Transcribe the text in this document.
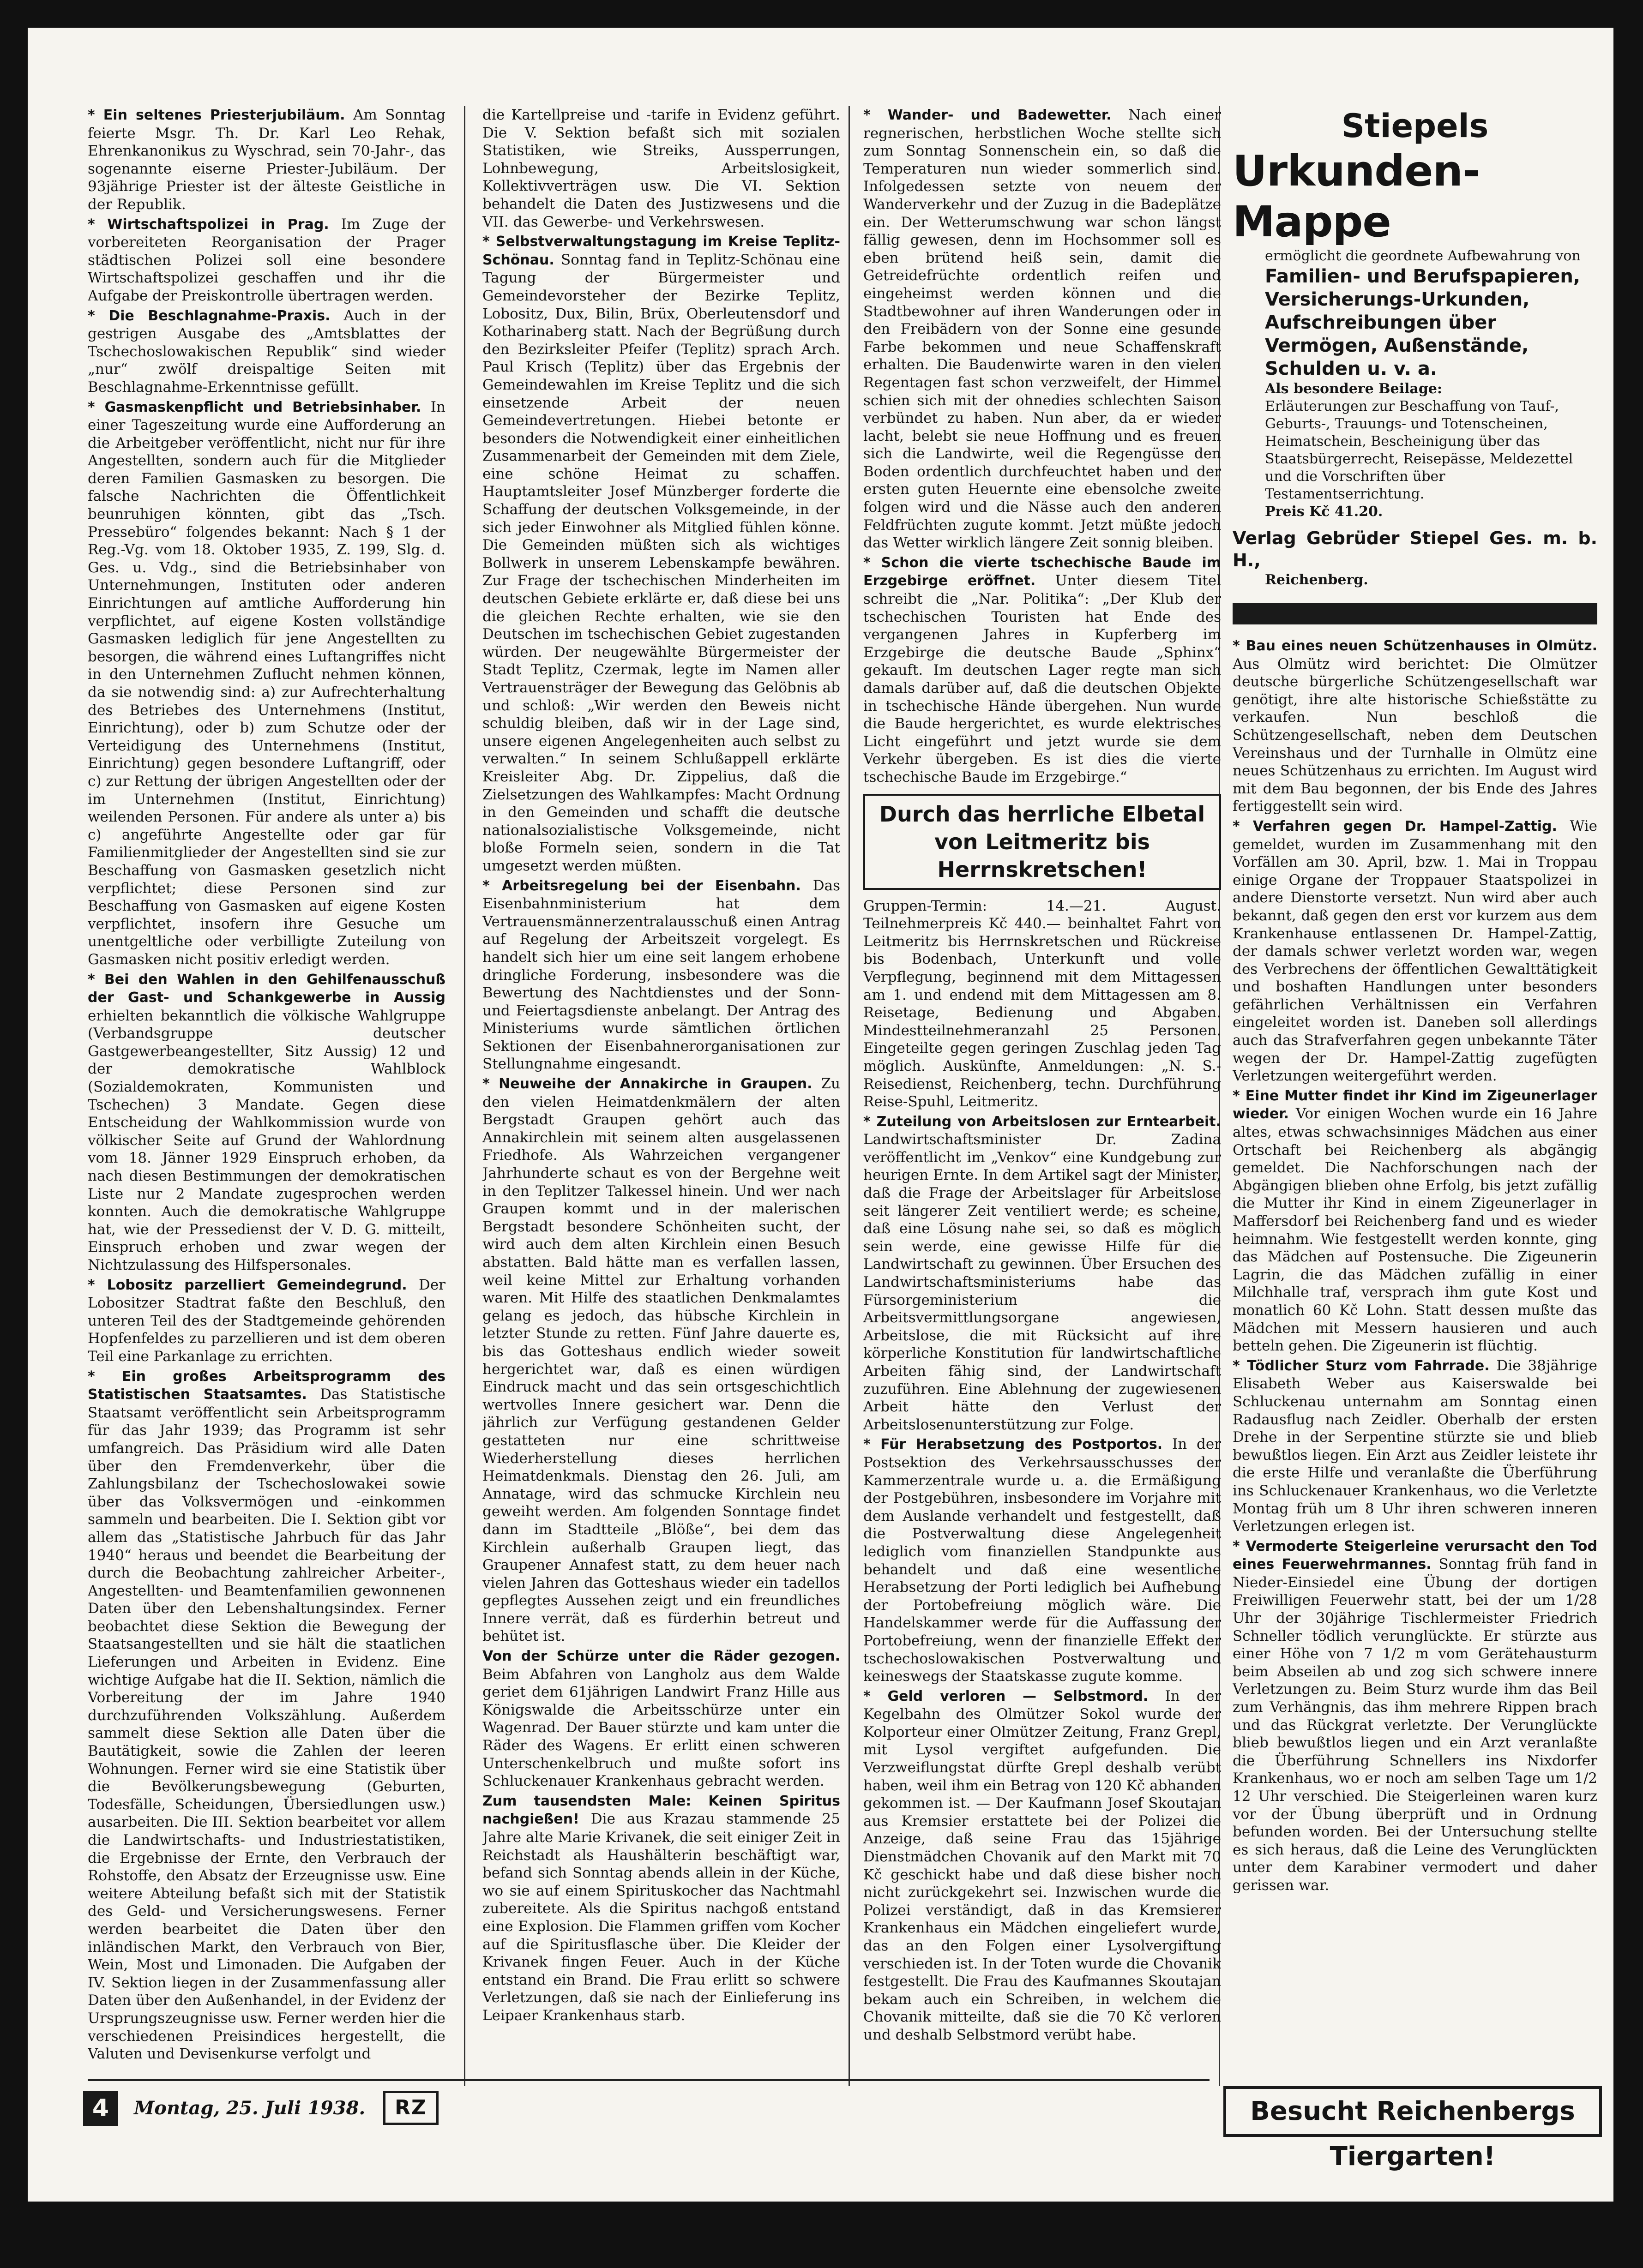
* Ein seltenes Priesterjubiläum. Am Sonntag feierte Msgr. Th. Dr. Karl Leo Rehak, Ehrenkanonikus zu Wyschrad, sein 70-Jahr-, das sogenannte eiserne Priester-Jubiläum. Der 93jährige Priester ist der älteste Geistliche in der Republik.

* Wirtschaftspolizei in Prag. Im Zuge der vorbereiteten Reorganisation der Prager städtischen Polizei soll eine besondere Wirtschaftspolizei geschaffen und ihr die Aufgabe der Preiskontrolle übertragen werden.

* Die Beschlagnahme-Praxis. Auch in der gestrigen Ausgabe des „Amtsblattes der Tschechoslowakischen Republik“ sind wieder „nur“ zwölf dreispaltige Seiten mit Beschlagnahme-Erkenntnisse gefüllt.

* Gasmaskenpflicht und Betriebsinhaber. In einer Tageszeitung wurde eine Aufforderung an die Arbeitgeber veröffentlicht, nicht nur für ihre Angestellten, sondern auch für die Mitglieder deren Familien Gasmasken zu besorgen. Die falsche Nachrichten die Öffentlichkeit beunruhigen könnten, gibt das „Tsch. Pressebüro“ folgendes bekannt: Nach § 1 der Reg.-Vg. vom 18. Oktober 1935, Z. 199, Slg. d. Ges. u. Vdg., sind die Betriebsinhaber von Unternehmungen, Instituten oder anderen Einrichtungen auf amtliche Aufforderung hin verpflichtet, auf eigene Kosten vollständige Gasmasken lediglich für jene Angestellten zu besorgen, die während eines Luftangriffes nicht in den Unternehmen Zuflucht nehmen können, da sie notwendig sind: a) zur Aufrechterhaltung des Betriebes des Unternehmens (Institut, Einrichtung), oder b) zum Schutze oder der Verteidigung des Unternehmens (Institut, Einrichtung) gegen besondere Luftangriff, oder c) zur Rettung der übrigen Angestellten oder der im Unternehmen (Institut, Einrichtung) weilenden Personen. Für andere als unter a) bis c) angeführte Angestellte oder gar für Familienmitglieder der Angestellten sind sie zur Beschaffung von Gasmasken gesetzlich nicht verpflichtet; diese Personen sind zur Beschaffung von Gasmasken auf eigene Kosten verpflichtet, insofern ihre Gesuche um unentgeltliche oder verbilligte Zuteilung von Gasmasken nicht positiv erledigt werden.

* Bei den Wahlen in den Gehilfenausschuß der Gast- und Schankgewerbe in Aussig erhielten bekanntlich die völkische Wahlgruppe (Verbandsgruppe deutscher Gastgewerbeangestellter, Sitz Aussig) 12 und der demokratische Wahlblock (Sozialdemokraten, Kommunisten und Tschechen) 3 Mandate. Gegen diese Entscheidung der Wahlkommission wurde von völkischer Seite auf Grund der Wahlordnung vom 18. Jänner 1929 Einspruch erhoben, da nach diesen Bestimmungen der demokratischen Liste nur 2 Mandate zugesprochen werden konnten. Auch die demokratische Wahlgruppe hat, wie der Pressedienst der V. D. G. mitteilt, Einspruch erhoben und zwar wegen der Nichtzulassung des Hilfspersonales.

* Lobositz parzelliert Gemeindegrund. Der Lobositzer Stadtrat faßte den Beschluß, den unteren Teil des der Stadtgemeinde gehörenden Hopfenfeldes zu parzellieren und ist dem oberen Teil eine Parkanlage zu errichten.

* Ein großes Arbeitsprogramm des Statistischen Staatsamtes. Das Statistische Staatsamt veröffentlicht sein Arbeitsprogramm für das Jahr 1939; das Programm ist sehr umfangreich. Das Präsidium wird alle Daten über den Fremdenverkehr, über die Zahlungsbilanz der Tschechoslowakei sowie über das Volksvermögen und -einkommen sammeln und bearbeiten. Die I. Sektion gibt vor allem das „Statistische Jahrbuch für das Jahr 1940“ heraus und beendet die Bearbeitung der durch die Beobachtung zahlreicher Arbeiter-, Angestellten- und Beamtenfamilien gewonnenen Daten über den Lebenshaltungsindex. Ferner beobachtet diese Sektion die Bewegung der Staatsangestellten und sie hält die staatlichen Lieferungen und Arbeiten in Evidenz. Eine wichtige Aufgabe hat die II. Sektion, nämlich die Vorbereitung der im Jahre 1940 durchzuführenden Volkszählung. Außerdem sammelt diese Sektion alle Daten über die Bautätigkeit, sowie die Zahlen der leeren Wohnungen. Ferner wird sie eine Statistik über die Bevölkerungsbewegung (Geburten, Todesfälle, Scheidungen, Übersiedlungen usw.) ausarbeiten. Die III. Sektion bearbeitet vor allem die Landwirtschafts- und Industriestatistiken, die Ergebnisse der Ernte, den Verbrauch der Rohstoffe, den Absatz der Erzeugnisse usw. Eine weitere Abteilung befaßt sich mit der Statistik des Geld- und Versicherungswesens. Ferner werden bearbeitet die Daten über den inländischen Markt, den Verbrauch von Bier, Wein, Most und Limonaden. Die Aufgaben der IV. Sektion liegen in der Zusammenfassung aller Daten über den Außenhandel, in der Evidenz der Ursprungszeugnisse usw. Ferner werden hier die verschiedenen Preisindices hergestellt, die Valuten und Devisenkurse verfolgt und

die Kartellpreise und -tarife in Evidenz geführt. Die V. Sektion befaßt sich mit sozialen Statistiken, wie Streiks, Aussperrungen, Lohnbewegung, Arbeitslosigkeit, Kollektivverträgen usw. Die VI. Sektion behandelt die Daten des Justizwesens und die VII. das Gewerbe- und Verkehrswesen.

* Selbstverwaltungstagung im Kreise Teplitz-Schönau. Sonntag fand in Teplitz-Schönau eine Tagung der Bürgermeister und Gemeindevorsteher der Bezirke Teplitz, Lobositz, Dux, Bilin, Brüx, Oberleutensdorf und Kotharinaberg statt. Nach der Begrüßung durch den Bezirksleiter Pfeifer (Teplitz) sprach Arch. Paul Krisch (Teplitz) über das Ergebnis der Gemeindewahlen im Kreise Teplitz und die sich einsetzende Arbeit der neuen Gemeindevertretungen. Hiebei betonte er besonders die Notwendigkeit einer einheitlichen Zusammenarbeit der Gemeinden mit dem Ziele, eine schöne Heimat zu schaffen. Hauptamtsleiter Josef Münzberger forderte die Schaffung der deutschen Volksgemeinde, in der sich jeder Einwohner als Mitglied fühlen könne. Die Gemeinden müßten sich als wichtiges Bollwerk in unserem Lebenskampfe bewähren. Zur Frage der tschechischen Minderheiten im deutschen Gebiete erklärte er, daß diese bei uns die gleichen Rechte erhalten, wie sie den Deutschen im tschechischen Gebiet zugestanden würden. Der neugewählte Bürgermeister der Stadt Teplitz, Czermak, legte im Namen aller Vertrauensträger der Bewegung das Gelöbnis ab und schloß: „Wir werden den Beweis nicht schuldig bleiben, daß wir in der Lage sind, unsere eigenen Angelegenheiten auch selbst zu verwalten.“ In seinem Schlußappell erklärte Kreisleiter Abg. Dr. Zippelius, daß die Zielsetzungen des Wahlkampfes: Macht Ordnung in den Gemeinden und schafft die deutsche nationalsozialistische Volksgemeinde, nicht bloße Formeln seien, sondern in die Tat umgesetzt werden müßten.

* Arbeitsregelung bei der Eisenbahn. Das Eisenbahnministerium hat dem Vertrauensmännerzentralausschuß einen Antrag auf Regelung der Arbeitszeit vorgelegt. Es handelt sich hier um eine seit langem erhobene dringliche Forderung, insbesondere was die Bewertung des Nachtdienstes und der Sonn- und Feiertagsdienste anbelangt. Der Antrag des Ministeriums wurde sämtlichen örtlichen Sektionen der Eisenbahnerorganisationen zur Stellungnahme eingesandt.

* Neuweihe der Annakirche in Graupen. Zu den vielen Heimatdenkmälern der alten Bergstadt Graupen gehört auch das Annakirchlein mit seinem alten ausgelassenen Friedhofe. Als Wahrzeichen vergangener Jahrhunderte schaut es von der Bergehne weit in den Teplitzer Talkessel hinein. Und wer nach Graupen kommt und in der malerischen Bergstadt besondere Schönheiten sucht, der wird auch dem alten Kirchlein einen Besuch abstatten. Bald hätte man es verfallen lassen, weil keine Mittel zur Erhaltung vorhanden waren. Mit Hilfe des staatlichen Denkmalamtes gelang es jedoch, das hübsche Kirchlein in letzter Stunde zu retten. Fünf Jahre dauerte es, bis das Gotteshaus endlich wieder soweit hergerichtet war, daß es einen würdigen Eindruck macht und das sein ortsgeschichtlich wertvolles Innere gesichert war. Denn die jährlich zur Verfügung gestandenen Gelder gestatteten nur eine schrittweise Wiederherstellung dieses herrlichen Heimatdenkmals. Dienstag den 26. Juli, am Annatage, wird das schmucke Kirchlein neu geweiht werden. Am folgenden Sonntage findet dann im Stadtteile „Blöße“, bei dem das Kirchlein außerhalb Graupen liegt, das Graupener Annafest statt, zu dem heuer nach vielen Jahren das Gotteshaus wieder ein tadellos gepflegtes Aussehen zeigt und ein freundliches Innere verrät, daß es fürderhin betreut und behütet ist.

Von der Schürze unter die Räder gezogen. Beim Abfahren von Langholz aus dem Walde geriet dem 61jährigen Landwirt Franz Hille aus Königswalde die Arbeitsschürze unter ein Wagenrad. Der Bauer stürzte und kam unter die Räder des Wagens. Er erlitt einen schweren Unterschenkelbruch und mußte sofort ins Schluckenauer Krankenhaus gebracht werden.

Zum tausendsten Male: Keinen Spiritus nachgießen! Die aus Krazau stammende 25 Jahre alte Marie Krivanek, die seit einiger Zeit in Reichstadt als Haushälterin beschäftigt war, befand sich Sonntag abends allein in der Küche, wo sie auf einem Spirituskocher das Nachtmahl zubereitete. Als die Spiritus nachgoß entstand eine Explosion. Die Flammen griffen vom Kocher auf die Spiritusflasche über. Die Kleider der Krivanek fingen Feuer. Auch in der Küche entstand ein Brand. Die Frau erlitt so schwere Verletzungen, daß sie nach der Einlieferung ins Leipaer Krankenhaus starb.

* Wander- und Badewetter. Nach einer regnerischen, herbstlichen Woche stellte sich zum Sonntag Sonnenschein ein, so daß die Temperaturen nun wieder sommerlich sind. Infolgedessen setzte von neuem der Wanderverkehr und der Zuzug in die Badeplätze ein. Der Wetterumschwung war schon längst fällig gewesen, denn im Hochsommer soll es eben brütend heiß sein, damit die Getreidefrüchte ordentlich reifen und eingeheimst werden können und die Stadtbewohner auf ihren Wanderungen oder in den Freibädern von der Sonne eine gesunde Farbe bekommen und neue Schaffenskraft erhalten. Die Baudenwirte waren in den vielen Regentagen fast schon verzweifelt, der Himmel schien sich mit der ohnedies schlechten Saison verbündet zu haben. Nun aber, da er wieder lacht, belebt sie neue Hoffnung und es freuen sich die Landwirte, weil die Regengüsse den Boden ordentlich durchfeuchtet haben und der ersten guten Heuernte eine ebensolche zweite folgen wird und die Nässe auch den anderen Feldfrüchten zugute kommt. Jetzt müßte jedoch das Wetter wirklich längere Zeit sonnig bleiben.

* Schon die vierte tschechische Baude im Erzgebirge eröffnet. Unter diesem Titel schreibt die „Nar. Politika“: „Der Klub der tschechischen Touristen hat Ende des vergangenen Jahres in Kupferberg im Erzgebirge die deutsche Baude „Sphinx“ gekauft. Im deutschen Lager regte man sich damals darüber auf, daß die deutschen Objekte in tschechische Hände übergehen. Nun wurde die Baude hergerichtet, es wurde elektrisches Licht eingeführt und jetzt wurde sie dem Verkehr übergeben. Es ist dies die vierte tschechische Baude im Erzgebirge.“

Durch das herrliche Elbetal
von Leitmeritz bis Herrnskretschen!

Gruppen-Termin: 14.—21. August. Teilnehmerpreis Kč 440.— beinhaltet Fahrt von Leitmeritz bis Herrnskretschen und Rückreise bis Bodenbach, Unterkunft und volle Verpflegung, beginnend mit dem Mittagessen am 1. und endend mit dem Mittagessen am 8. Reisetage, Bedienung und Abgaben. Mindestteilnehmeranzahl 25 Personen. Eingeteilte gegen geringen Zuschlag jeden Tag möglich. Auskünfte, Anmeldungen: „N. S.-Reisedienst, Reichenberg, techn. Durchführung Reise-Spuhl, Leitmeritz.

* Zuteilung von Arbeitslosen zur Erntearbeit. Landwirtschaftsminister Dr. Zadina veröffentlicht im „Venkov“ eine Kundgebung zur heurigen Ernte. In dem Artikel sagt der Minister, daß die Frage der Arbeitslager für Arbeitslose seit längerer Zeit ventiliert werde; es scheine, daß eine Lösung nahe sei, so daß es möglich sein werde, eine gewisse Hilfe für die Landwirtschaft zu gewinnen. Über Ersuchen des Landwirtschaftsministeriums habe das Fürsorgeministerium die Arbeitsvermittlungsorgane angewiesen, Arbeitslose, die mit Rücksicht auf ihre körperliche Konstitution für landwirtschaftliche Arbeiten fähig sind, der Landwirtschaft zuzuführen. Eine Ablehnung der zugewiesenen Arbeit hätte den Verlust der Arbeitslosenunterstützung zur Folge.

* Für Herabsetzung des Postportos. In der Postsektion des Verkehrsausschusses der Kammerzentrale wurde u. a. die Ermäßigung der Postgebühren, insbesondere im Vorjahre mit dem Auslande verhandelt und festgestellt, daß die Postverwaltung diese Angelegenheit lediglich vom finanziellen Standpunkte aus behandelt und daß eine wesentliche Herabsetzung der Porti lediglich bei Aufhebung der Portobefreiung möglich wäre. Die Handelskammer werde für die Auffassung der Portobefreiung, wenn der finanzielle Effekt der tschechoslowakischen Postverwaltung und keineswegs der Staatskasse zugute komme.

* Geld verloren — Selbstmord. In der Kegelbahn des Olmützer Sokol wurde der Kolporteur einer Olmützer Zeitung, Franz Grepl, mit Lysol vergiftet aufgefunden. Die Verzweiflungstat dürfte Grepl deshalb verübt haben, weil ihm ein Betrag von 120 Kč abhanden gekommen ist. — Der Kaufmann Josef Skoutajan aus Kremsier erstattete bei der Polizei die Anzeige, daß seine Frau das 15jährige Dienstmädchen Chovanik auf den Markt mit 70 Kč geschickt habe und daß diese bisher noch nicht zurückgekehrt sei. Inzwischen wurde die Polizei verständigt, daß in das Kremsierer Krankenhaus ein Mädchen eingeliefert wurde, das an den Folgen einer Lysolvergiftung verschieden ist. In der Toten wurde die Chovanik festgestellt. Die Frau des Kaufmannes Skoutajan bekam auch ein Schreiben, in welchem die Chovanik mitteilte, daß sie die 70 Kč verloren und deshalb Selbstmord verübt habe.

Stiepels
Urkunden-Mappe
ermöglicht die geordnete Aufbewahrung von
Familien- und Berufspapieren, Versicherungs-Urkunden, Aufschreibungen über Vermögen, Außenstände, Schulden u. v. a.
Als besondere Beilage:
Erläuterungen zur Beschaffung von Tauf-, Geburts-, Trauungs- und Totenscheinen, Heimatschein, Bescheinigung über das Staatsbürgerrecht, Reisepässe, Meldezettel und die Vorschriften über Testamentserrichtung.
Preis Kč 41.20.
Verlag Gebrüder Stiepel Ges. m. b. H.,
Reichenberg.

* Bau eines neuen Schützenhauses in Olmütz. Aus Olmütz wird berichtet: Die Olmützer deutsche bürgerliche Schützengesellschaft war genötigt, ihre alte historische Schießstätte zu verkaufen. Nun beschloß die Schützengesellschaft, neben dem Deutschen Vereinshaus und der Turnhalle in Olmütz eine neues Schützenhaus zu errichten. Im August wird mit dem Bau begonnen, der bis Ende des Jahres fertiggestellt sein wird.

* Verfahren gegen Dr. Hampel-Zattig. Wie gemeldet, wurden im Zusammenhang mit den Vorfällen am 30. April, bzw. 1. Mai in Troppau einige Organe der Troppauer Staatspolizei in andere Dienstorte versetzt. Nun wird aber auch bekannt, daß gegen den erst vor kurzem aus dem Krankenhause entlassenen Dr. Hampel-Zattig, der damals schwer verletzt worden war, wegen des Verbrechens der öffentlichen Gewalttätigkeit und boshaften Handlungen unter besonders gefährlichen Verhältnissen ein Verfahren eingeleitet worden ist. Daneben soll allerdings auch das Strafverfahren gegen unbekannte Täter wegen der Dr. Hampel-Zattig zugefügten Verletzungen weitergeführt werden.

* Eine Mutter findet ihr Kind im Zigeunerlager wieder. Vor einigen Wochen wurde ein 16 Jahre altes, etwas schwachsinniges Mädchen aus einer Ortschaft bei Reichenberg als abgängig gemeldet. Die Nachforschungen nach der Abgängigen blieben ohne Erfolg, bis jetzt zufällig die Mutter ihr Kind in einem Zigeunerlager in Maffersdorf bei Reichenberg fand und es wieder heimnahm. Wie festgestellt werden konnte, ging das Mädchen auf Postensuche. Die Zigeunerin Lagrin, die das Mädchen zufällig in einer Milchhalle traf, versprach ihm gute Kost und monatlich 60 Kč Lohn. Statt dessen mußte das Mädchen mit Messern hausieren und auch betteln gehen. Die Zigeunerin ist flüchtig.

* Tödlicher Sturz vom Fahrrade. Die 38jährige Elisabeth Weber aus Kaiserswalde bei Schluckenau unternahm am Sonntag einen Radausflug nach Zeidler. Oberhalb der ersten Drehe in der Serpentine stürzte sie und blieb bewußtlos liegen. Ein Arzt aus Zeidler leistete ihr die erste Hilfe und veranlaßte die Überführung ins Schluckenauer Krankenhaus, wo die Verletzte Montag früh um 8 Uhr ihren schweren inneren Verletzungen erlegen ist.

* Vermoderte Steigerleine verursacht den Tod eines Feuerwehrmannes. Sonntag früh fand in Nieder-Einsiedel eine Übung der dortigen Freiwilligen Feuerwehr statt, bei der um 1/28 Uhr der 30jährige Tischlermeister Friedrich Schneller tödlich verunglückte. Er stürzte aus einer Höhe von 7 1/2 m vom Gerätehausturm beim Abseilen ab und zog sich schwere innere Verletzungen zu. Beim Sturz wurde ihm das Beil zum Verhängnis, das ihm mehrere Rippen brach und das Rückgrat verletzte. Der Verunglückte blieb bewußtlos liegen und ein Arzt veranlaßte die Überführung Schnellers ins Nixdorfer Krankenhaus, wo er noch am selben Tage um 1/2 12 Uhr verschied. Die Steigerleinen waren kurz vor der Übung überprüft und in Ordnung befunden worden. Bei der Untersuchung stellte es sich heraus, daß die Leine des Verunglückten unter dem Karabiner vermodert und daher gerissen war.

4	Montag, 25. Juli 1938.	RZ	Besucht Reichenbergs Tiergarten!
